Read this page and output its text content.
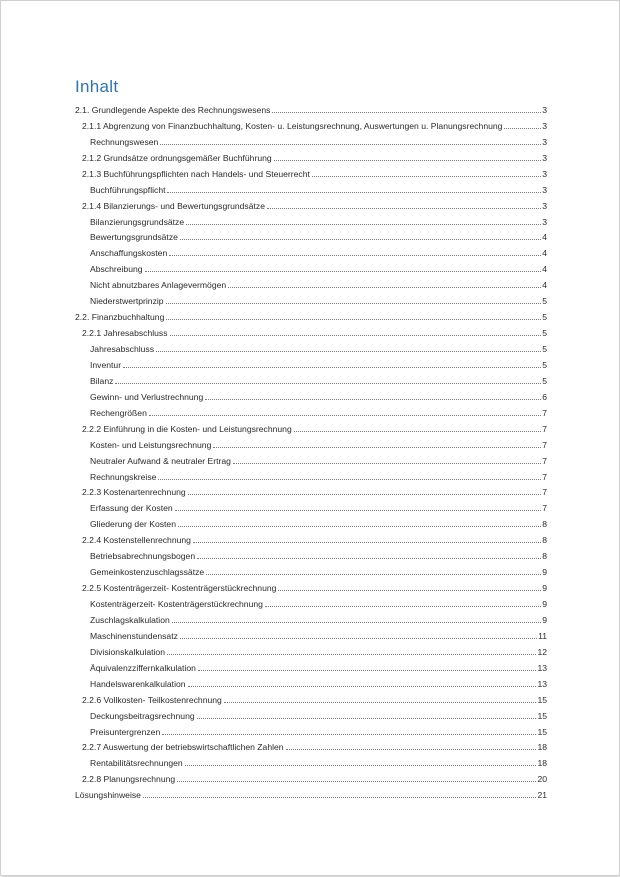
Inhalt
2.1. Grundlegende Aspekte des Rechnungswesens	3
2.1.1 Abgrenzung von Finanzbuchhaltung, Kosten- u. Leistungsrechnung, Auswertungen u. Planungsrechnung	3
Rechnungswesen	3
2.1.2 Grundsätze ordnungsgemäßer Buchführung	3
2.1.3 Buchführungspflichten nach Handels- und Steuerrecht	3
Buchführungspflicht	3
2.1.4 Bilanzierungs- und Bewertungsgrundsätze	3
Bilanzierungsgrundsätze	3
Bewertungsgrundsätze	4
Anschaffungskosten	4
Abschreibung	4
Nicht abnutzbares Anlagevermögen	4
Niederstwertprinzip	5
2.2. Finanzbuchhaltung	5
2.2.1 Jahresabschluss	5
Jahresabschluss	5
Inventur	5
Bilanz	5
Gewinn- und Verlustrechnung	6
Rechengrößen	7
2.2.2 Einführung in die Kosten- und Leistungsrechnung	7
Kosten- und Leistungsrechnung	7
Neutraler Aufwand & neutraler Ertrag	7
Rechnungskreise	7
2.2.3 Kostenartenrechnung	7
Erfassung der Kosten	7
Gliederung der Kosten	8
2.2.4 Kostenstellenrechnung	8
Betriebsabrechnungsbogen	8
Gemeinkostenzuschlagssätze	9
2.2.5 Kostenträgerzeit- Kostenträgerstückrechnung	9
Kostenträgerzeit- Kostenträgerstückrechnung	9
Zuschlagskalkulation	9
Maschinenstundensatz	11
Divisionskalkulation	12
Äquivalenzziffernkalkulation	13
Handelswarenkalkulation	13
2.2.6 Vollkosten- Teilkostenrechnung	15
Deckungsbeitragsrechnung	15
Preisuntergrenzen	15
2.2.7 Auswertung der betriebswirtschaftlichen Zahlen	18
Rentabilitätsrechnungen	18
2.2.8 Planungsrechnung	20
Lösungshinweise	21
